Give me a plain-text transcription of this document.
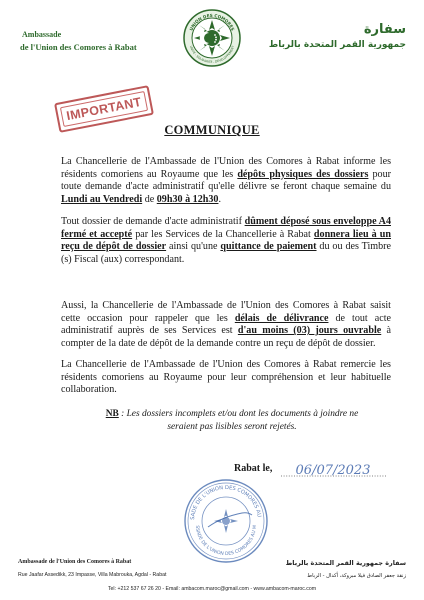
Ambassade
de l'Union des Comores à Rabat
UNION DES COMORES
UNITÉ - SOLIDARITÉ - DÉVELOPPEMENT
سفارة
جمهورية القمر المتحدة بالرباط
IMPORTANT
COMMUNIQUE
La Chancellerie de l'Ambassade de l'Union des Comores à Rabat informe les résidents comoriens au Royaume que les dépôts physiques des dossiers pour toute demande d'acte administratif qu'elle délivre se feront chaque semaine du Lundi au Vendredi de 09h30 à 12h30.
Tout dossier de demande d'acte administratif dûment déposé sous enveloppe A4 fermé et accepté par les Services de la Chancellerie à Rabat donnera lieu à un reçu de dépôt de dossier ainsi qu'une quittance de paiement du ou des Timbre (s) Fiscal (aux) correspondant.
Aussi, la Chancellerie de l'Ambassade de l'Union des Comores à Rabat saisit cette occasion pour rappeler que les délais de délivrance de tout acte administratif auprès de ses Services est d'au moins (03) jours ouvrable à compter de la date de dépôt de la demande contre un reçu de dépôt de dossier.
La Chancellerie de l'Ambassade de l'Union des Comores à Rabat remercie les résidents comoriens au Royaume pour leur compréhension et leur habituelle collaboration.
NB : Les dossiers incomplets et/ou dont les documents à joindre ne seraient pas lisibles seront rejetés.
Rabat le, 06/07/2023
SADE DE L'UNION DES COMORES AU
SSADE DE L'UNION DES COMORES AU M
Ambassade de l'Union des Comores à Rabat
Rue Jaafar Assedikk, 23 Impasse, Villa Mabrouka, Agdal - Rabat
سفارة جمهورية القمر المتحدة بالرباط
زنقة جعفر الصادق فيلا مبروكة، أكدال - الرباط
Tel: +212 537 67 26 20 - Email: ambacom.maroc@gmail.com - www.ambacom-maroc.com
